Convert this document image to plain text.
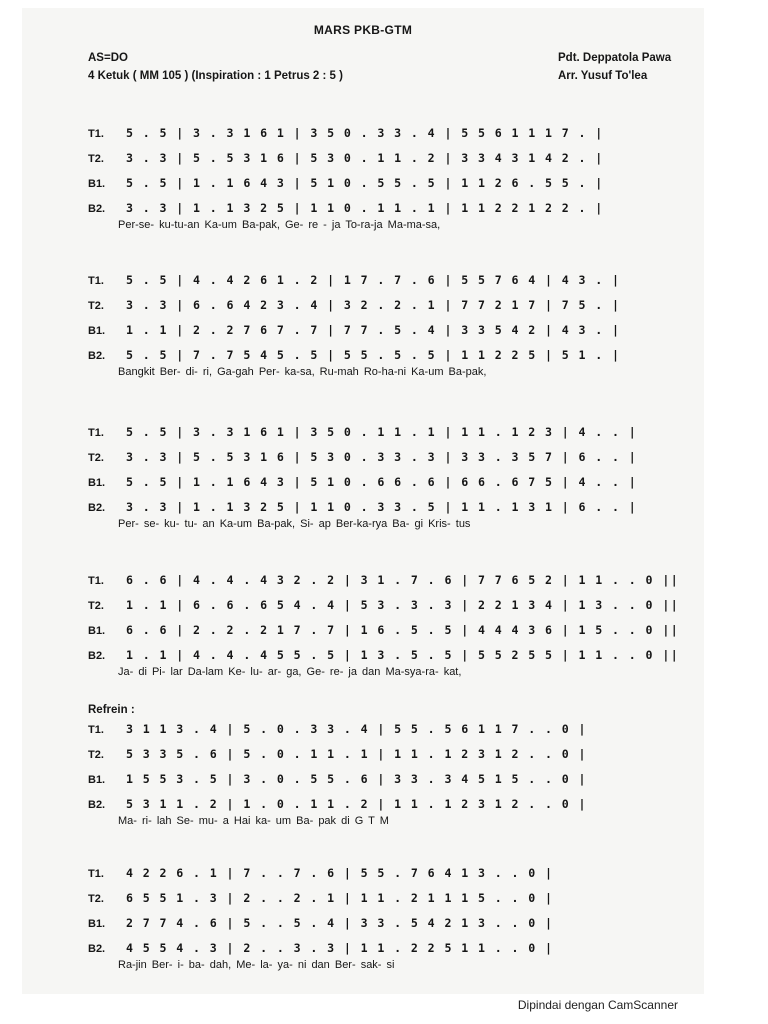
MARS PKB-GTM
AS=DO
4 Ketuk ( MM 105 ) (Inspiration : 1 Petrus 2 : 5 )
Pdt. Deppatola Pawa
Arr. Yusuf To'lea
T1. 5 . 5 | 3 . 3 1 6 1 | 3 5 0 . 3 3 . 4 | 5 5 6 1 1 1 7 . |
T2. 3 . 3 | 5 . 5 3 1 6 | 5 3 0 . 1 1 . 2 | 3 3 4 3 1 4 2 . |
B1. 5 . 5 | 1 . 1 6 4 3 | 5 1 0 . 5 5 . 5 | 1 1 2 6 . 5 5 . |
B2. 3 . 3 | 1 . 1 3 2 5 | 1 1 0 . 1 1 . 1 | 1 1 2 2 1 2 2 . |
Per-se- ku-tu-an Ka-um Ba-pak, Ge- re - ja To-ra-ja Ma-ma-sa,
T1. 5 . 5 | 4 . 4 2 6 1 . 2 | 1 7 . 7 . 6 | 5 5 7 6 4 | 4 3 . |
T2. 3 . 3 | 6 . 6 4 2 3 . 4 | 3 2 . 2 . 1 | 7 7 2 1 7 | 7 5 . |
B1. 1 . 1 | 2 . 2 7 6 7 . 7 | 7 7 . 5 . 4 | 3 3 5 4 2 | 4 3 . |
B2. 5 . 5 | 7 . 7 5 4 5 . 5 | 5 5 . 5 . 5 | 1 1 2 2 5 | 5 1 . |
Bangkit Ber- di- ri, Ga-gah Per- ka-sa, Ru-mah Ro-ha-ni Ka-um Ba-pak,
T1. 5 . 5 | 3 . 3 1 6 1 | 3 5 0 . 1 1 . 1 | 1 1 . 1 2 3 | 4 . . |
T2. 3 . 3 | 5 . 5 3 1 6 | 5 3 0 . 3 3 . 3 | 3 3 . 3 5 7 | 6 . . |
B1. 5 . 5 | 1 . 1 6 4 3 | 5 1 0 . 6 6 . 6 | 6 6 . 6 7 5 | 4 . . |
B2. 3 . 3 | 1 . 1 3 2 5 | 1 1 0 . 3 3 . 5 | 1 1 . 1 3 1 | 6 . . |
Per- se- ku- tu- an Ka-um Ba-pak, Si- ap Ber-ka-rya Ba- gi Kris- tus
T1. 6 . 6 | 4 . 4 . 4 3 2 . 2 | 3 1 . 7 . 6 | 7 7 6 5 2 | 1 1 . . 0 ||
T2. 1 . 1 | 6 . 6 . 6 5 4 . 4 | 5 3 . 3 . 3 | 2 2 1 3 4 | 1 3 . . 0 ||
B1. 6 . 6 | 2 . 2 . 2 1 7 . 7 | 1 6 . 5 . 5 | 4 4 4 3 6 | 1 5 . . 0 ||
B2. 1 . 1 | 4 . 4 . 4 5 5 . 5 | 1 3 . 5 . 5 | 5 5 2 5 5 | 1 1 . . 0 ||
Ja- di Pi- lar Da-lam Ke- lu- ar- ga, Ge- re- ja dan Ma-sya-ra- kat,
Refrein :
T1. 3 1 1 3 . 4 | 5 . 0 . 3 3 . 4 | 5 5 . 5 6 1 1 7 . . 0 |
T2. 5 3 3 5 . 6 | 5 . 0 . 1 1 . 1 | 1 1 . 1 2 3 1 2 . . 0 |
B1. 1 5 5 3 . 5 | 3 . 0 . 5 5 . 6 | 3 3 . 3 4 5 1 5 . . 0 |
B2. 5 3 1 1 . 2 | 1 . 0 . 1 1 . 2 | 1 1 . 1 2 3 1 2 . . 0 |
Ma- ri- lah Se- mu- a Hai ka- um Ba- pak di G T M
T1. 4 2 2 6 . 1 | 7 . . 7 . 6 | 5 5 . 7 6 4 1 3 . . 0 |
T2. 6 5 5 1 . 3 | 2 . . 2 . 1 | 1 1 . 2 1 1 1 5 . . 0 |
B1. 2 7 7 4 . 6 | 5 . . 5 . 4 | 3 3 . 5 4 2 1 3 . . 0 |
B2. 4 5 5 4 . 3 | 2 . . 3 . 3 | 1 1 . 2 2 5 1 1 . . 0 |
Ra-jin Ber- i- ba- dah, Me- la- ya- ni dan Ber- sak- si
Dipindai dengan CamScanner
